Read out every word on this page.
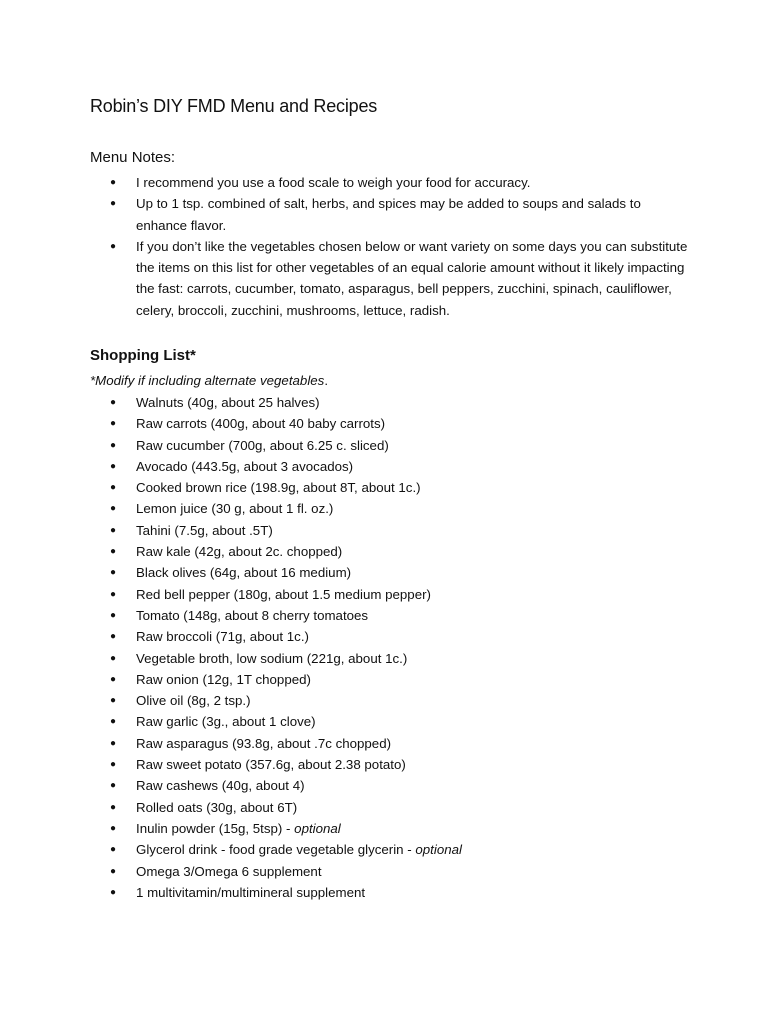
Robin’s DIY FMD Menu and Recipes
Menu Notes:
● I recommend you use a food scale to weigh your food for accuracy.
● Up to 1 tsp. combined of salt, herbs, and spices may be added to soups and salads to enhance flavor.
● If you don’t like the vegetables chosen below or want variety on some days you can substitute the items on this list for other vegetables of an equal calorie amount without it likely impacting the fast: carrots, cucumber, tomato, asparagus, bell peppers, zucchini, spinach, cauliflower, celery, broccoli, zucchini, mushrooms, lettuce, radish.
Shopping List*

*Modify if including alternate vegetables.

● Walnuts (40g, about 25 halves)
● Raw carrots (400g, about 40 baby carrots)
● Raw cucumber (700g, about 6.25 c. sliced)
● Avocado (443.5g, about 3 avocados)
● Cooked brown rice (198.9g, about 8T, about 1c.)
● Lemon juice (30 g, about 1 fl. oz.)
● Tahini (7.5g, about .5T)
● Raw kale (42g, about 2c. chopped)
● Black olives (64g, about 16 medium)
● Red bell pepper (180g, about 1.5 medium pepper)
● Tomato (148g, about 8 cherry tomatoes
● Raw broccoli (71g, about 1c.)
● Vegetable broth, low sodium (221g, about 1c.)
● Raw onion (12g, 1T chopped)
● Olive oil (8g, 2 tsp.)
● Raw garlic (3g., about 1 clove)
● Raw asparagus (93.8g, about .7c chopped)
● Raw sweet potato (357.6g, about 2.38 potato)
● Raw cashews (40g, about 4)
● Rolled oats (30g, about 6T)
● Inulin powder (15g, 5tsp) - optional
● Glycerol drink - food grade vegetable glycerin - optional
● Omega 3/Omega 6 supplement
● 1 multivitamin/multimineral supplement
